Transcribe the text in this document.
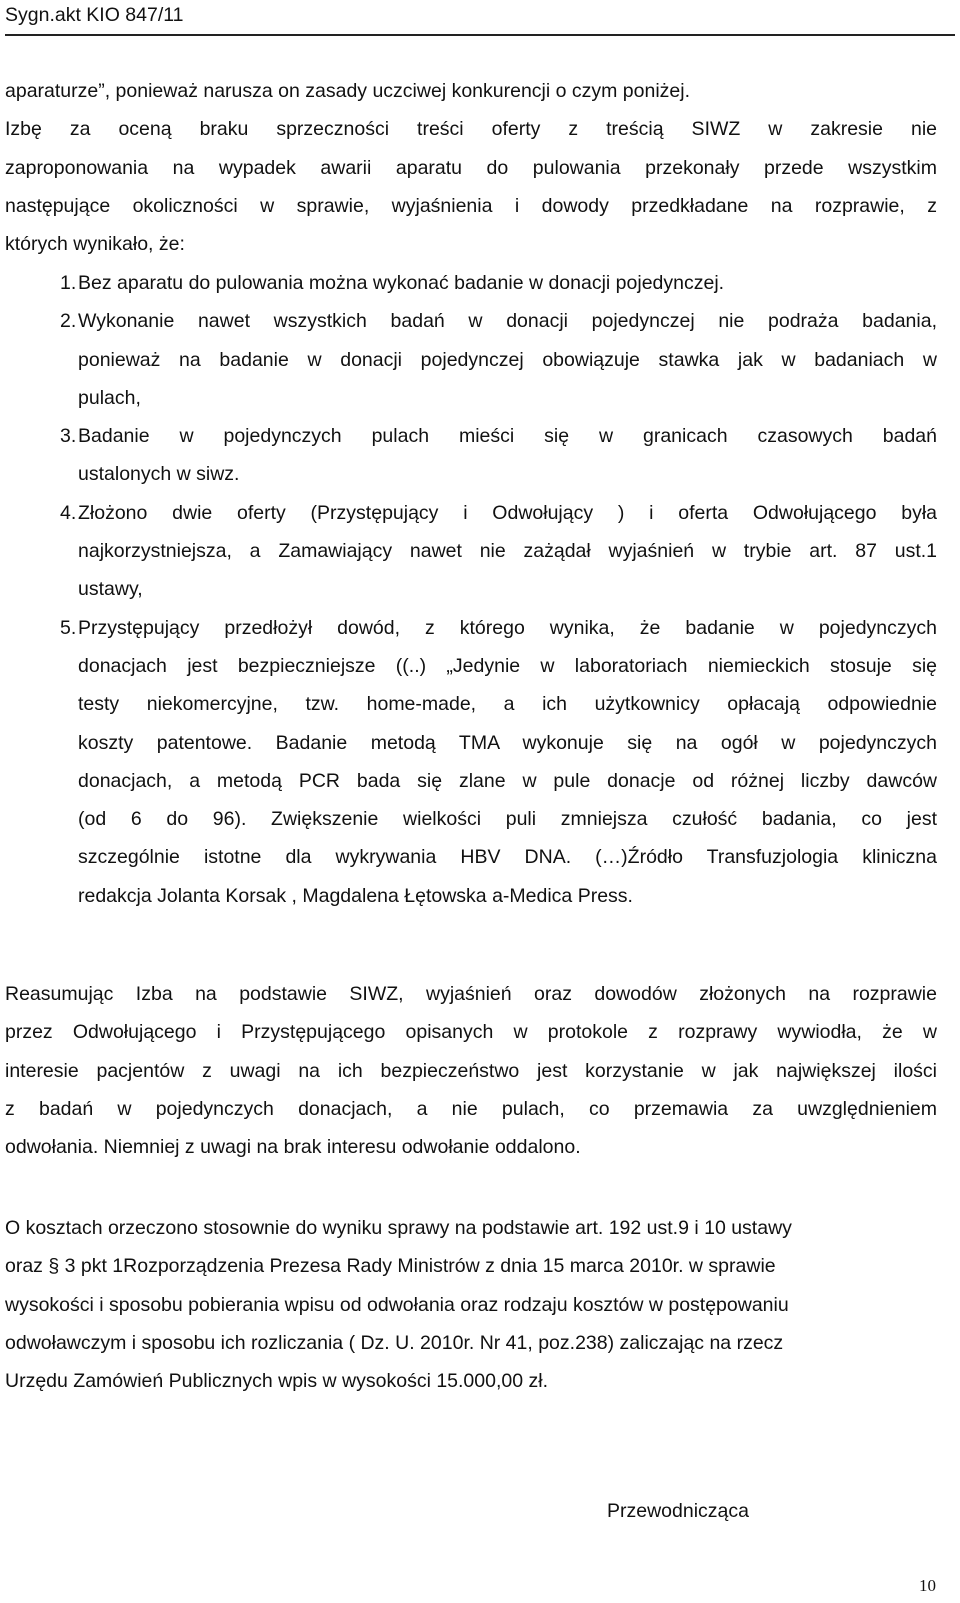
Sygn.akt KIO 847/11
aparaturze”, ponieważ narusza on zasady uczciwej konkurencji o czym poniżej.
Izbę za oceną braku sprzeczności treści oferty z treścią SIWZ w zakresie nie
zaproponowania na wypadek awarii aparatu do pulowania przekonały przede wszystkim
następujące okoliczności w sprawie, wyjaśnienia i dowody przedkładane na rozprawie, z
których wynikało, że:
1. Bez aparatu do pulowania można wykonać badanie w donacji pojedynczej.
2. Wykonanie nawet wszystkich badań w donacji pojedynczej nie podraża badania,
ponieważ na badanie w donacji pojedynczej obowiązuje stawka jak w badaniach w
pulach,
3. Badanie w pojedynczych pulach mieści się w granicach czasowych badań
ustalonych w siwz.
4. Złożono dwie oferty (Przystępujący i Odwołujący ) i oferta Odwołującego była
najkorzystniejsza, a Zamawiający nawet nie zażądał wyjaśnień w trybie art. 87 ust.1
ustawy,
5. Przystępujący przedłożył dowód, z którego wynika, że badanie w pojedynczych
donacjach jest bezpieczniejsze ((..) „Jedynie w laboratoriach niemieckich stosuje się
testy niekomercyjne, tzw. home-made, a ich użytkownicy opłacają odpowiednie
koszty patentowe. Badanie metodą TMA wykonuje się na ogół w pojedynczych
donacjach, a metodą PCR bada się zlane w pule donacje od różnej liczby dawców
(od 6 do 96). Zwiększenie wielkości puli zmniejsza czułość badania, co jest
szczególnie istotne dla wykrywania HBV DNA. (…)Źródło Transfuzjologia kliniczna
redakcja Jolanta Korsak , Magdalena Łętowska a-Medica Press.
Reasumując Izba na podstawie SIWZ, wyjaśnień oraz dowodów złożonych na rozprawie
przez Odwołującego i Przystępującego opisanych w protokole z rozprawy wywiodła, że w
interesie pacjentów z uwagi na ich bezpieczeństwo jest korzystanie w jak największej ilości
z badań w pojedynczych donacjach, a nie pulach, co przemawia za uwzględnieniem
odwołania. Niemniej z uwagi na brak interesu odwołanie oddalono.
O kosztach orzeczono stosownie do wyniku sprawy na podstawie art. 192 ust.9 i 10 ustawy
oraz § 3 pkt 1Rozporządzenia Prezesa Rady Ministrów z dnia 15 marca 2010r. w sprawie
wysokości i sposobu pobierania wpisu od odwołania oraz rodzaju kosztów w postępowaniu
odwoławczym i sposobu ich rozliczania ( Dz. U. 2010r. Nr 41, poz.238) zaliczając na rzecz
Urzędu Zamówień Publicznych wpis w wysokości 15.000,00 zł.
Przewodnicząca
10
